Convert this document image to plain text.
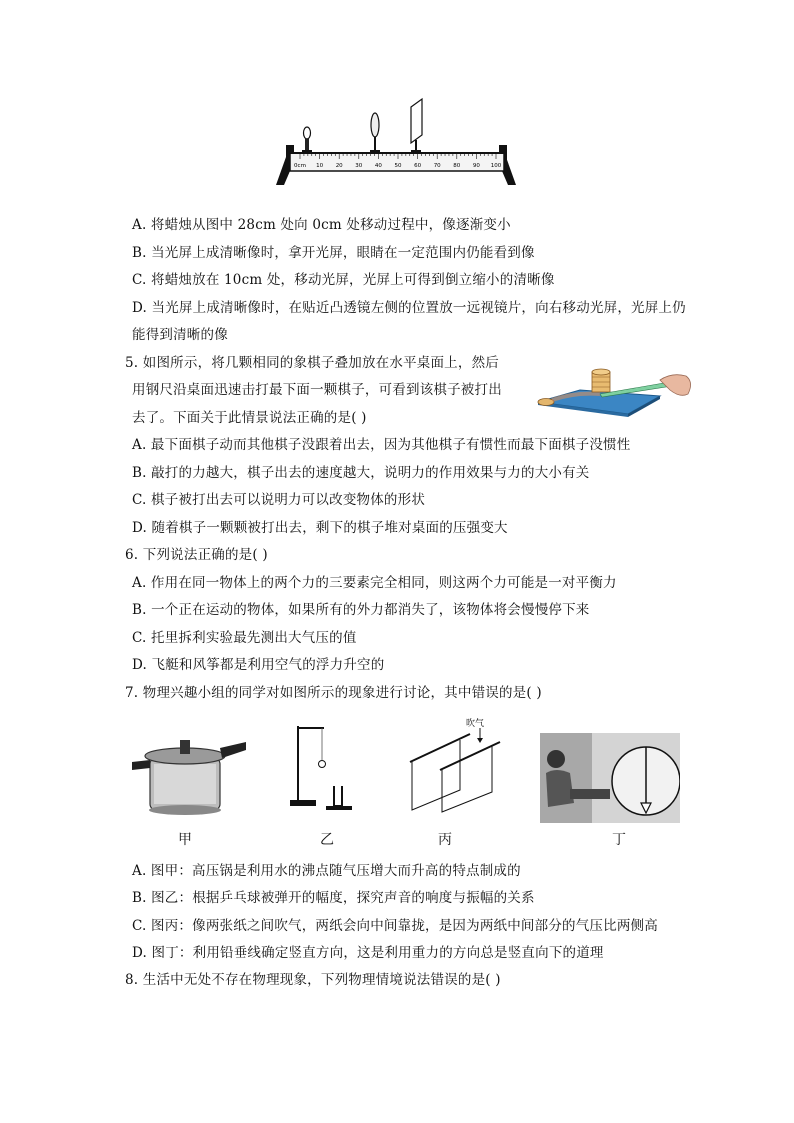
0cm 10 20 30 40 50 60 70 80 90 100
A. 将蜡烛从图中 28cm 处向 0cm 处移动过程中，像逐渐变小
B. 当光屏上成清晰像时，拿开光屏，眼睛在一定范围内仍能看到像
C. 将蜡烛放在 10cm 处，移动光屏，光屏上可得到倒立缩小的清晰像
D. 当光屏上成清晰像时，在贴近凸透镜左侧的位置放一远视镜片，向右移动光屏，光屏上仍
能得到清晰的像
5. 如图所示，将几颗相同的象棋子叠加放在水平桌面上，然后
用钢尺沿桌面迅速击打最下面一颗棋子，可看到该棋子被打出
去了。下面关于此情景说法正确的是( )
A. 最下面棋子动而其他棋子没跟着出去，因为其他棋子有惯性而最下面棋子没惯性
B. 敲打的力越大，棋子出去的速度越大，说明力的作用效果与力的大小有关
C. 棋子被打出去可以说明力可以改变物体的形状
D. 随着棋子一颗颗被打出去，剩下的棋子堆对桌面的压强变大
6. 下列说法正确的是( )
A. 作用在同一物体上的两个力的三要素完全相同，则这两个力可能是一对平衡力
B. 一个正在运动的物体，如果所有的外力都消失了，该物体将会慢慢停下来
C. 托里拆利实验最先测出大气压的值
D. 飞艇和风筝都是利用空气的浮力升空的
7. 物理兴趣小组的同学对如图所示的现象进行讨论，其中错误的是( )
甲	乙
吹气
丙	丁
A. 图甲：高压锅是利用水的沸点随气压增大而升高的特点制成的
B. 图乙：根据乒乓球被弹开的幅度，探究声音的响度与振幅的关系
C. 图丙：像两张纸之间吹气，两纸会向中间靠拢，是因为两纸中间部分的气压比两侧高
D. 图丁：利用铅垂线确定竖直方向，这是利用重力的方向总是竖直向下的道理
8. 生活中无处不存在物理现象，下列物理情境说法错误的是( )
